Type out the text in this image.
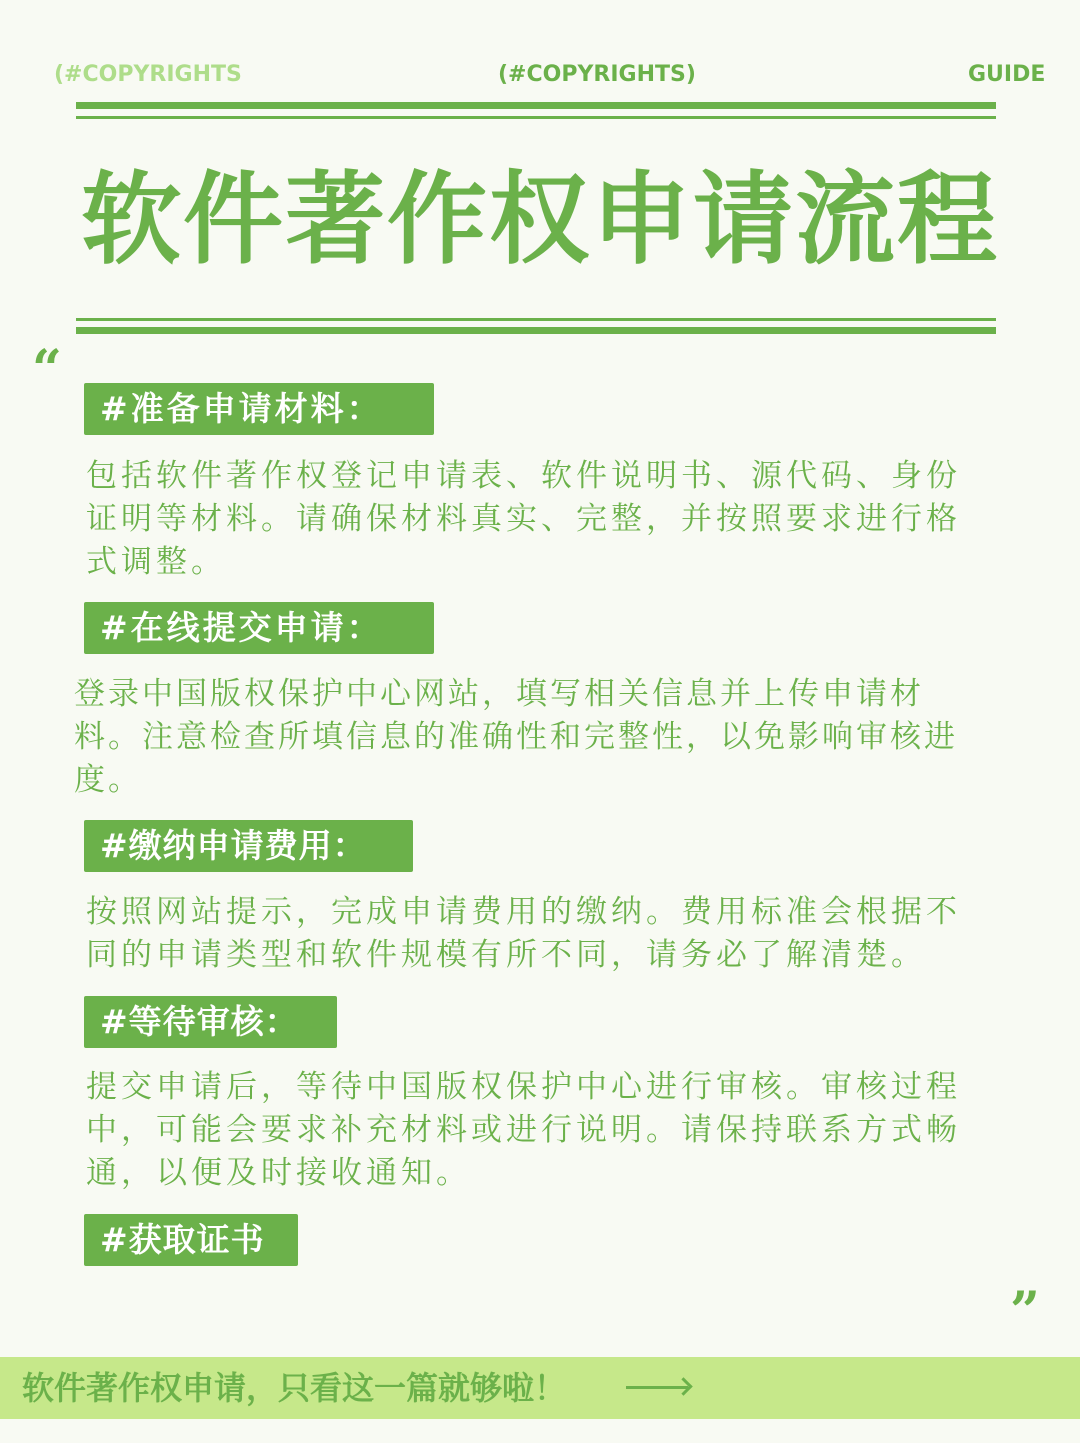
(#COPYRIGHTS	(#COPYRIGHTS)	GUIDE
软件著作权申请流程
“
#准备申请材料：
包括软件著作权登记申请表、软件说明书、源代码、身份
证明等材料。请确保材料真实、完整，并按照要求进行格
式调整。
#在线提交申请：
登录中国版权保护中心网站，填写相关信息并上传申请材
料。注意检查所填信息的准确性和完整性，以免影响审核进
度。
#缴纳申请费用：
按照网站提示，完成申请费用的缴纳。费用标准会根据不
同的申请类型和软件规模有所不同，请务必了解清楚。
#等待审核：
提交申请后，等待中国版权保护中心进行审核。审核过程
中，可能会要求补充材料或进行说明。请保持联系方式畅
通，以便及时接收通知。
#获取证书
”
软件著作权申请，只看这一篇就够啦！
